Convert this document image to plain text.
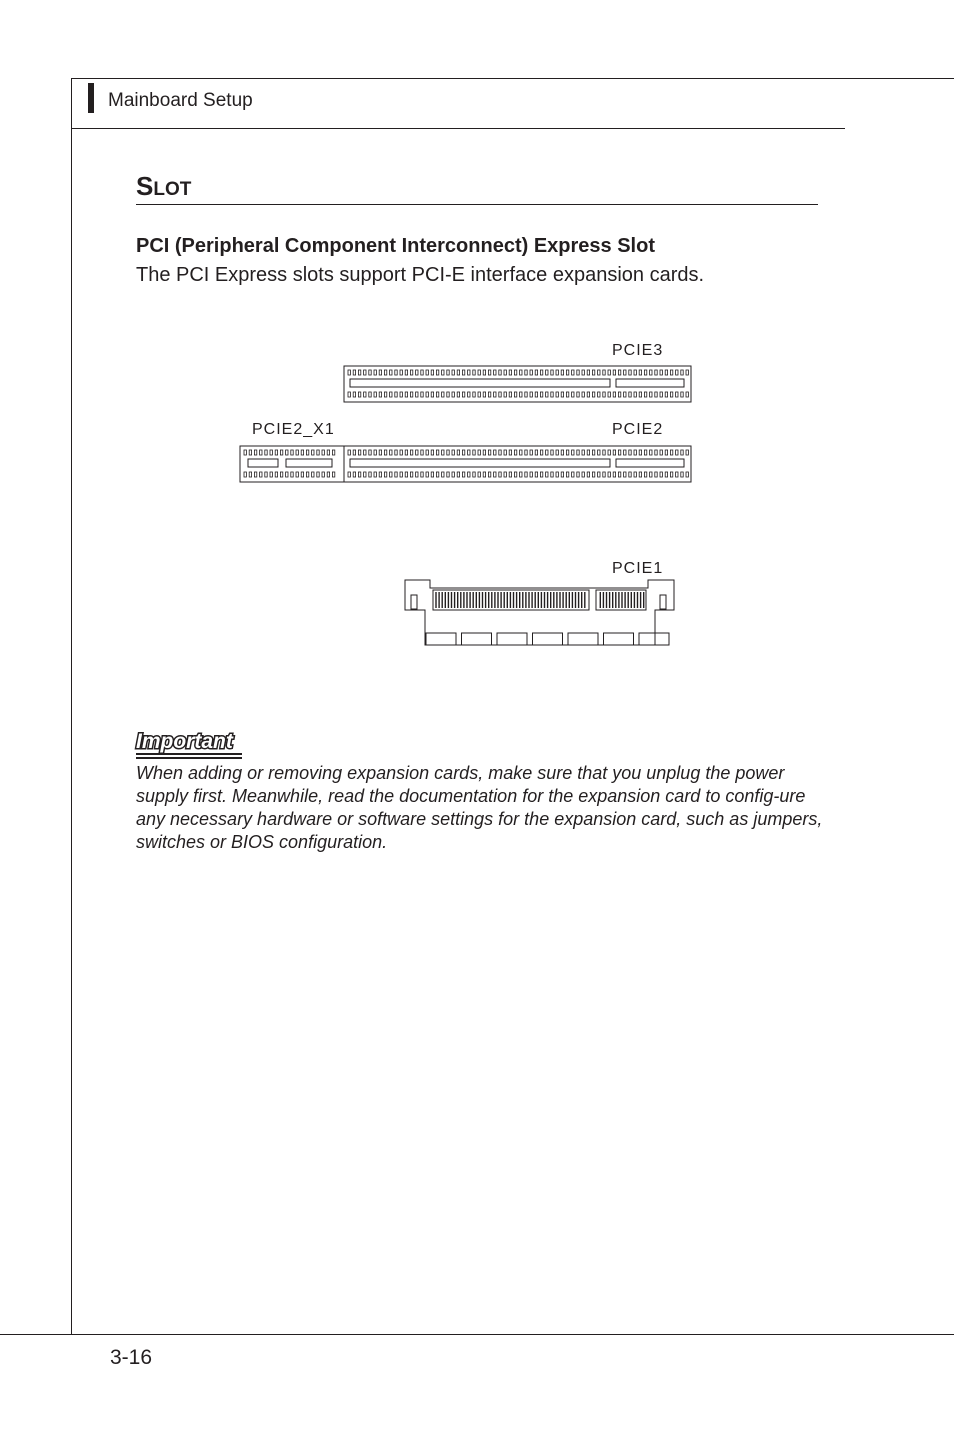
Mainboard Setup
SLOT
PCI (Peripheral Component Interconnect) Express Slot
The PCI Express slots support PCI-E interface expansion cards.
PCIE3
PCIE2_X1	PCIE2
PCIE1
Important
When adding or removing expansion cards, make sure that you unplug the power supply first. Meanwhile, read the documentation for the expansion card to config-ure any necessary hardware or software settings for the expansion card, such as jumpers, switches or BIOS configuration.
3-16
